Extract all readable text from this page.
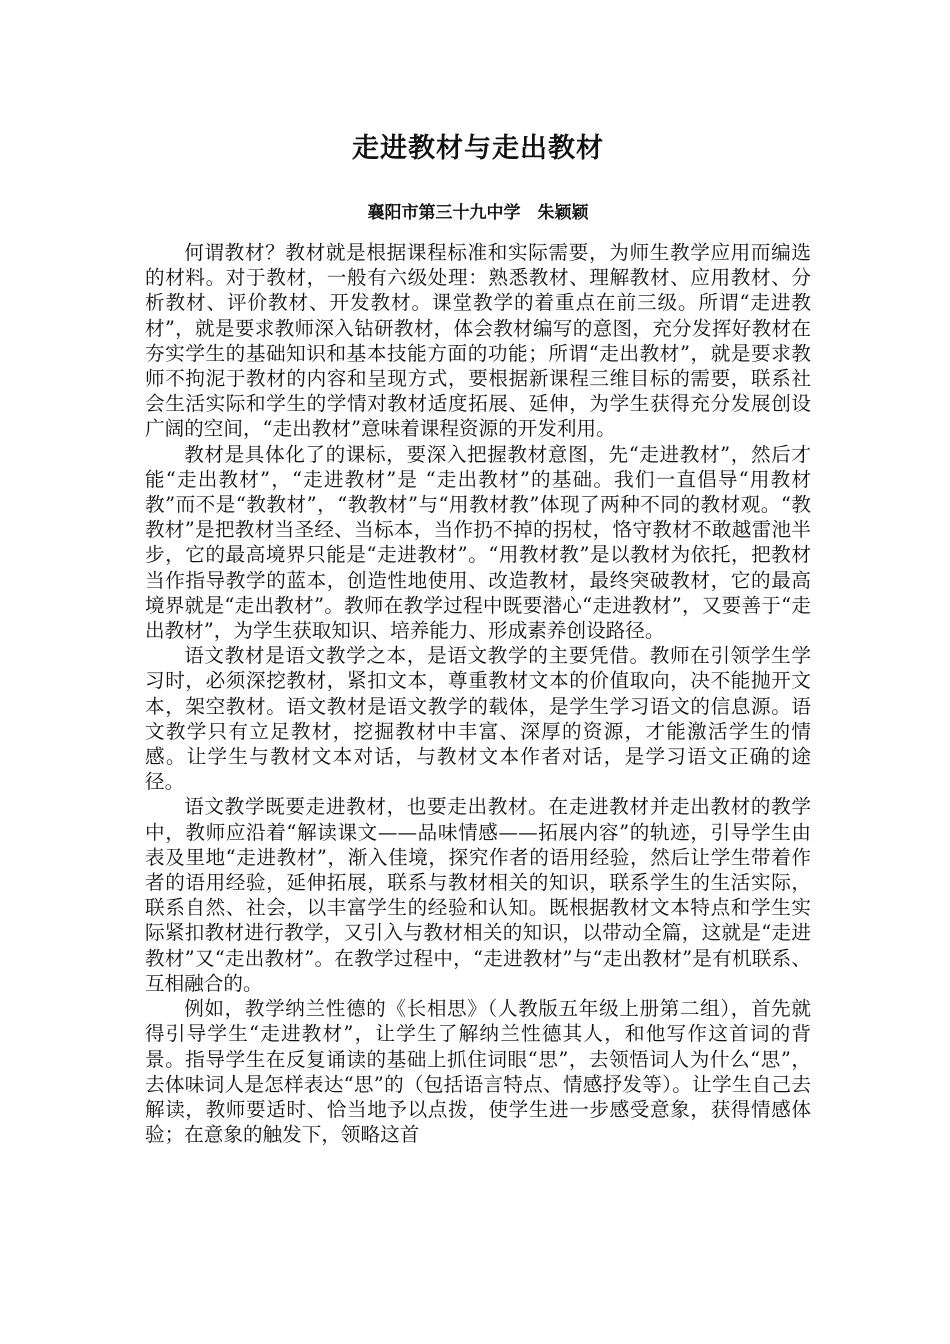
走进教材与走出教材
襄阳市第三十九中学　朱颖颖

何谓教材？教材就是根据课程标准和实际需要，为师生教学应用而编选的材料。对于教材，一般有六级处理：熟悉教材、理解教材、应用教材、分析教材、评价教材、开发教材。课堂教学的着重点在前三级。所谓“走进教材”，就是要求教师深入钻研教材，体会教材编写的意图，充分发挥好教材在夯实学生的基础知识和基本技能方面的功能；所谓“走出教材”，就是要求教师不拘泥于教材的内容和呈现方式，要根据新课程三维目标的需要，联系社会生活实际和学生的学情对教材适度拓展、延伸，为学生获得充分发展创设广阔的空间，“走出教材”意味着课程资源的开发利用。

教材是具体化了的课标，要深入把握教材意图，先“走进教材”，然后才能“走出教材”，“走进教材”是 “走出教材”的基础。我们一直倡导“用教材教”而不是“教教材”，“教教材”与“用教材教”体现了两种不同的教材观。“教教材”是把教材当圣经、当标本，当作扔不掉的拐杖，恪守教材不敢越雷池半步，它的最高境界只能是“走进教材”。“用教材教”是以教材为依托，把教材当作指导教学的蓝本，创造性地使用、改造教材，最终突破教材，它的最高境界就是“走出教材”。教师在教学过程中既要潜心“走进教材”，又要善于“走出教材”，为学生获取知识、培养能力、形成素养创设路径。

语文教材是语文教学之本，是语文教学的主要凭借。教师在引领学生学习时，必须深挖教材，紧扣文本，尊重教材文本的价值取向，决不能抛开文本，架空教材。语文教材是语文教学的载体，是学生学习语文的信息源。语文教学只有立足教材，挖掘教材中丰富、深厚的资源，才能激活学生的情感。让学生与教材文本对话，与教材文本作者对话，是学习语文正确的途径。

语文教学既要走进教材，也要走出教材。在走进教材并走出教材的教学中，教师应沿着“解读课文——品味情感——拓展内容”的轨迹，引导学生由表及里地“走进教材”，渐入佳境，探究作者的语用经验，然后让学生带着作者的语用经验，延伸拓展，联系与教材相关的知识，联系学生的生活实际，联系自然、社会，以丰富学生的经验和认知。既根据教材文本特点和学生实际紧扣教材进行教学，又引入与教材相关的知识，以带动全篇，这就是“走进教材”又“走出教材”。在教学过程中，“走进教材”与“走出教材”是有机联系、互相融合的。

例如，教学纳兰性德的《长相思》（人教版五年级上册第二组），首先就得引导学生“走进教材”，让学生了解纳兰性德其人，和他写作这首词的背景。指导学生在反复诵读的基础上抓住词眼“思”，去领悟词人为什么“思”，去体味词人是怎样表达“思”的（包括语言特点、情感抒发等）。让学生自己去解读，教师要适时、恰当地予以点拨，使学生进一步感受意象，获得情感体验；在意象的触发下，领略这首
